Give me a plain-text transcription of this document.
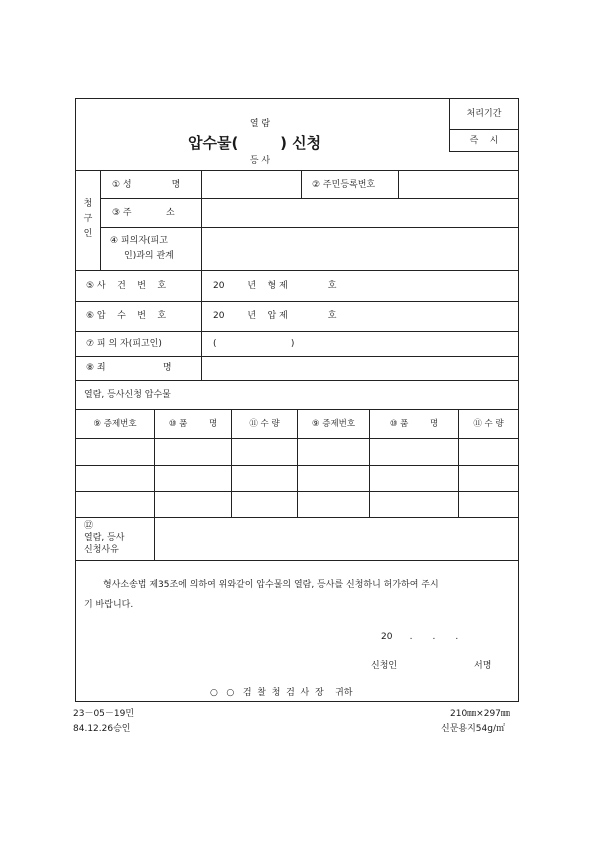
열 람
압수물(        ) 신청
등 사
처리기간
즉    시
청
구
인
① 성              명	② 주민등록번호
③ 주            소
④ 피의자(피고
인)과의 관계
⑤ 사    건    번    호	20        년    형 제              호
⑥ 압    수    번    호	20        년    압 제              호
⑦ 피 의 자(피고인)	(                          )
⑧ 죄                    명
열람, 등사신청 압수물
⑨ 증제번호	⑩ 품        명	⑪ 수 량	⑨ 증제번호	⑩ 품        명	⑪ 수 량
⑫
열람, 등사
신청사유
형사소송법 제35조에 의하여 위와같이 압수물의 열람, 등사를 신청하니 허가하여 주시
기 바랍니다.
20      .       .       .
신청인	서명
○   ○   검  찰  청  검  사  장    귀하
23－05－19민
84.12.26승인
210㎜×297㎜
신문용지54g/㎡
